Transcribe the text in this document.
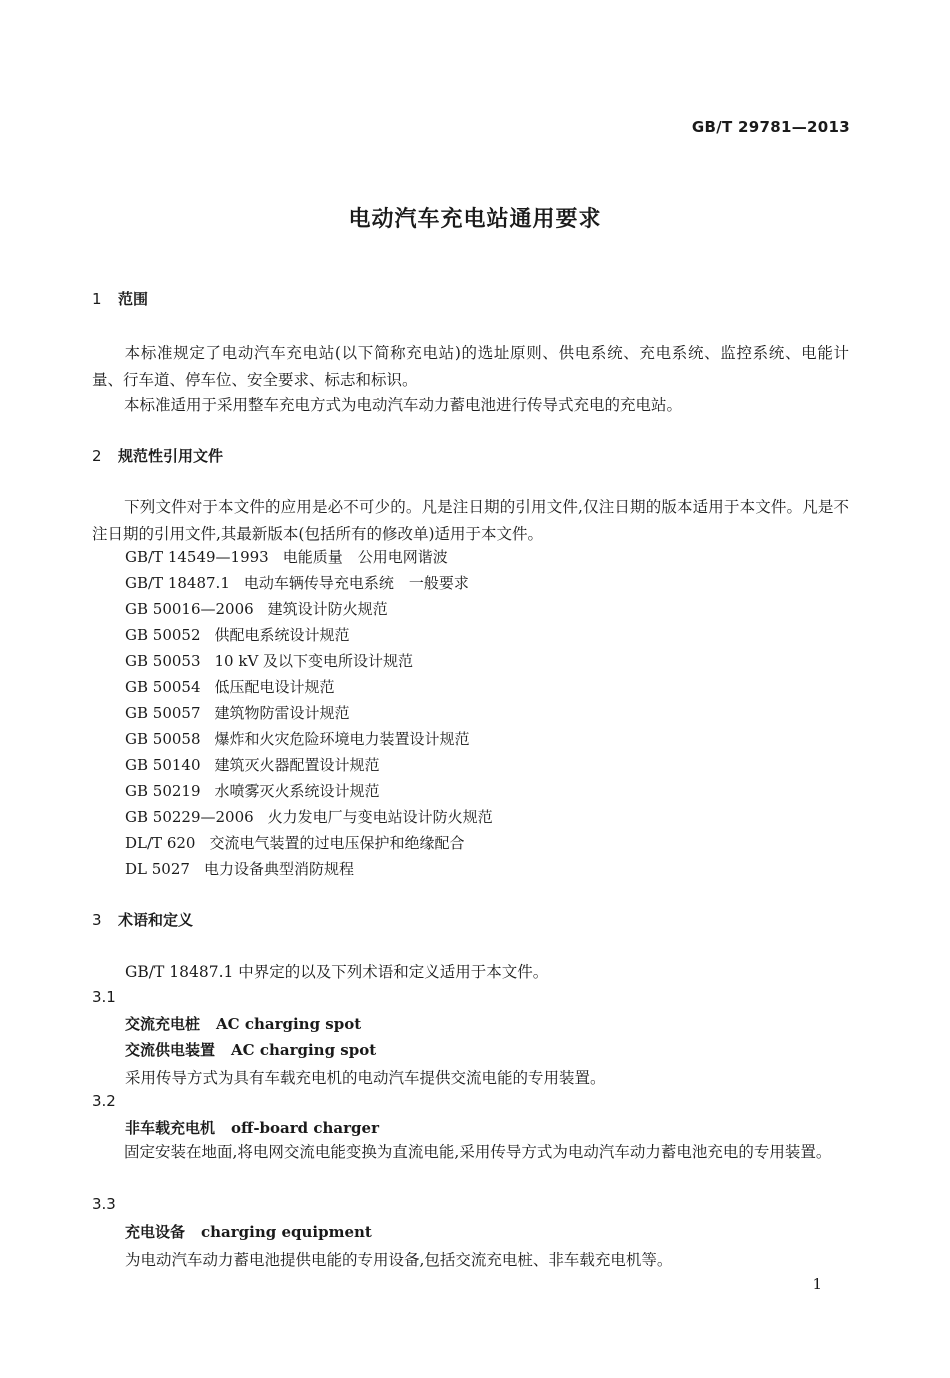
GB/T 29781—2013
电动汽车充电站通用要求
1 范围
本标准规定了电动汽车充电站(以下简称充电站)的选址原则、供电系统、充电系统、监控系统、电能计量、行车道、停车位、安全要求、标志和标识。
本标准适用于采用整车充电方式为电动汽车动力蓄电池进行传导式充电的充电站。
2 规范性引用文件
下列文件对于本文件的应用是必不可少的。凡是注日期的引用文件,仅注日期的版本适用于本文件。凡是不注日期的引用文件,其最新版本(包括所有的修改单)适用于本文件。
GB/T 14549—1993 电能质量　公用电网谐波
GB/T 18487.1 电动车辆传导充电系统　一般要求
GB 50016—2006 建筑设计防火规范
GB 50052 供配电系统设计规范
GB 50053 10 kV 及以下变电所设计规范
GB 50054 低压配电设计规范
GB 50057 建筑物防雷设计规范
GB 50058 爆炸和火灾危险环境电力装置设计规范
GB 50140 建筑灭火器配置设计规范
GB 50219 水喷雾灭火系统设计规范
GB 50229—2006 火力发电厂与变电站设计防火规范
DL/T 620 交流电气装置的过电压保护和绝缘配合
DL 5027 电力设备典型消防规程
3 术语和定义
GB/T 18487.1 中界定的以及下列术语和定义适用于本文件。
3.1
交流充电桩 AC charging spot
交流供电装置 AC charging spot
采用传导方式为具有车载充电机的电动汽车提供交流电能的专用装置。
3.2
非车载充电机 off-board charger
固定安装在地面,将电网交流电能变换为直流电能,采用传导方式为电动汽车动力蓄电池充电的专用装置。
3.3
充电设备 charging equipment
为电动汽车动力蓄电池提供电能的专用设备,包括交流充电桩、非车载充电机等。
1
